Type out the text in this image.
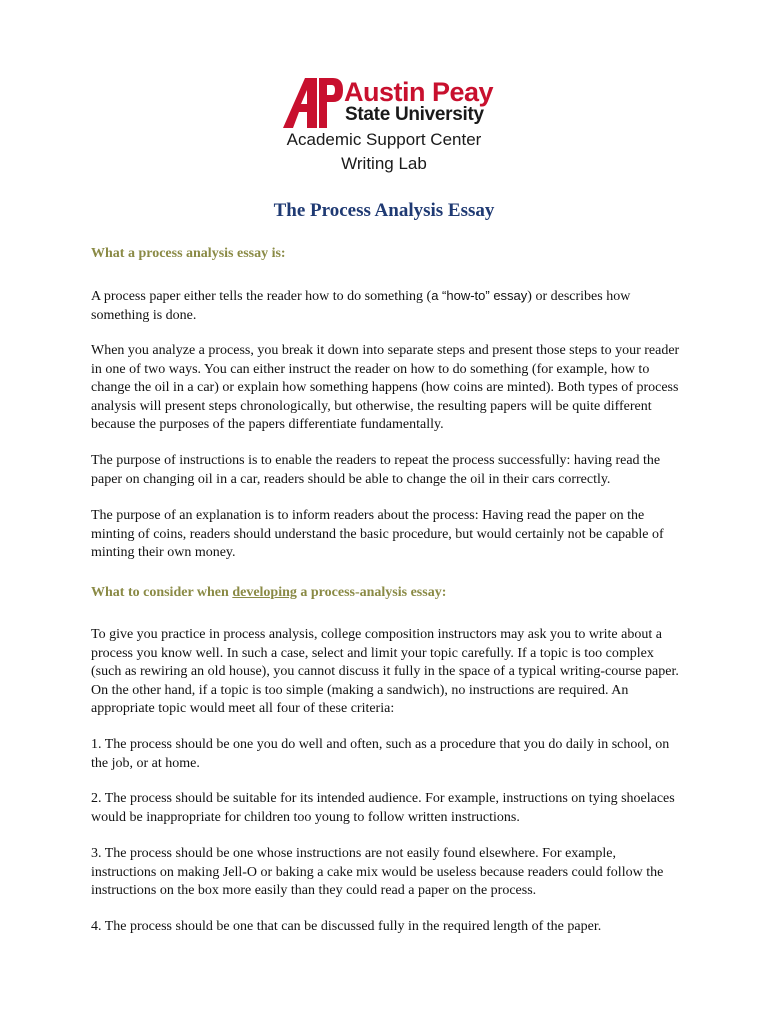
Austin Peay
State University
Academic Support Center
Writing Lab
The Process Analysis Essay
What a process analysis essay is:

A process paper either tells the reader how to do something (a “how-to” essay) or describes how something is done.

When you analyze a process, you break it down into separate steps and present those steps to your reader in one of two ways. You can either instruct the reader on how to do something (for example, how to change the oil in a car) or explain how something happens (how coins are minted). Both types of process analysis will present steps chronologically, but otherwise, the resulting papers will be quite different because the purposes of the papers differentiate fundamentally.

The purpose of instructions is to enable the readers to repeat the process successfully: having read the paper on changing oil in a car, readers should be able to change the oil in their cars correctly.

The purpose of an explanation is to inform readers about the process: Having read the paper on the minting of coins, readers should understand the basic procedure, but would certainly not be capable of minting their own money.

What to consider when developing a process-analysis essay:

To give you practice in process analysis, college composition instructors may ask you to write about a process you know well. In such a case, select and limit your topic carefully. If a topic is too complex (such as rewiring an old house), you cannot discuss it fully in the space of a typical writing-course paper. On the other hand, if a topic is too simple (making a sandwich), no instructions are required. An appropriate topic would meet all four of these criteria:

1. The process should be one you do well and often, such as a procedure that you do daily in school, on the job, or at home.

2. The process should be suitable for its intended audience. For example, instructions on tying shoelaces would be inappropriate for children too young to follow written instructions.

3. The process should be one whose instructions are not easily found elsewhere. For example, instructions on making Jell-O or baking a cake mix would be useless because readers could follow the instructions on the box more easily than they could read a paper on the process.

4. The process should be one that can be discussed fully in the required length of the paper.
